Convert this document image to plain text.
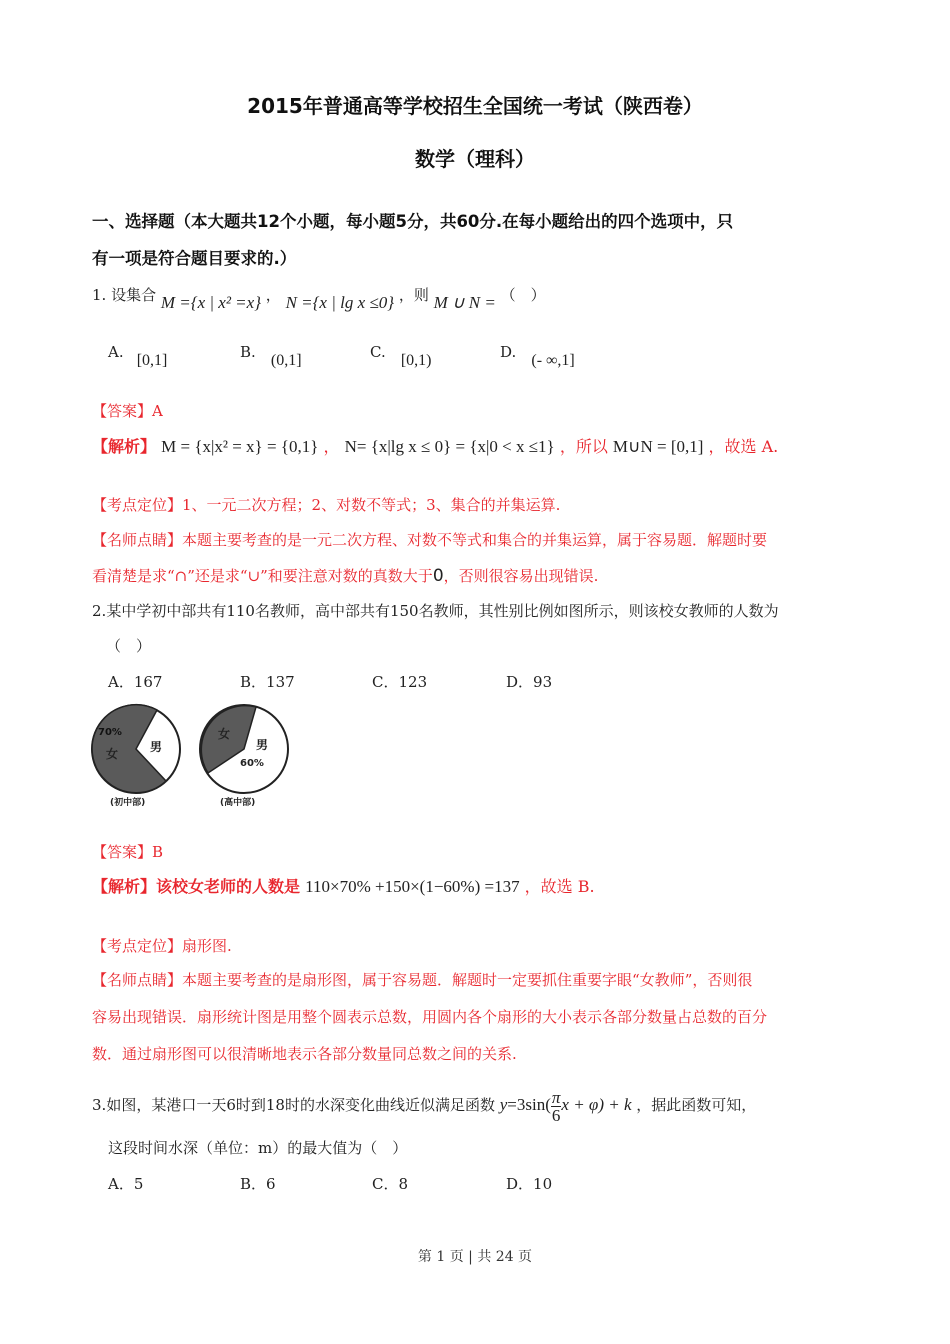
2015年普通高等学校招生全国统一考试（陕西卷）
数学（理科）
一、选择题（本大题共12个小题，每小题5分，共60分.在每小题给出的四个选项中，只
有一项是符合题目要求的.）
1. 设集合 M ={x | x² =x} ， N ={x | lg x ≤0} ，则 M ∪ N = （　）
A. [0,1]	B. (0,1]	C. [0,1)	D. (- ∞,1]
【答案】A
【解析】 M = {x|x² = x} = {0,1} ， N= {x|lg x ≤ 0} = {x|0 < x ≤1} ，所以 M∪N = [0,1] ，故选 A.
【考点定位】1、一元二次方程；2、对数不等式；3、集合的并集运算.
【名师点睛】本题主要考查的是一元二次方程、对数不等式和集合的并集运算，属于容易题．解题时要
看清楚是求“∩”还是求“∪”和要注意对数的真数大于0，否则很容易出现错误.
2.某中学初中部共有110名教师，高中部共有150名教师，其性别比例如图所示，则该校女教师的人数为
（　）
A．167	B．137	C．123	D．93
70%
女	男
(初中部)
女
男
60%
(高中部)
【答案】B
【解析】该校女老师的人数是 110×70% +150×(1−60%) =137 ，故选 B.
【考点定位】扇形图.
【名师点睛】本题主要考查的是扇形图，属于容易题．解题时一定要抓住重要字眼“女教师”，否则很
容易出现错误．扇形统计图是用整个圆表示总数，用圆内各个扇形的大小表示各部分数量占总数的百分
数．通过扇形图可以很清晰地表示各部分数量同总数之间的关系.
3.如图，某港口一天6时到18时的水深变化曲线近似满足函数 $y=3\sin( \frac{\pi}{6}$ x + φ) + k ，据此函数可知，
这段时间水深（单位：m）的最大值为（　）
A．5	B．6	C．8	D．10
第 1 页 | 共 24 页
